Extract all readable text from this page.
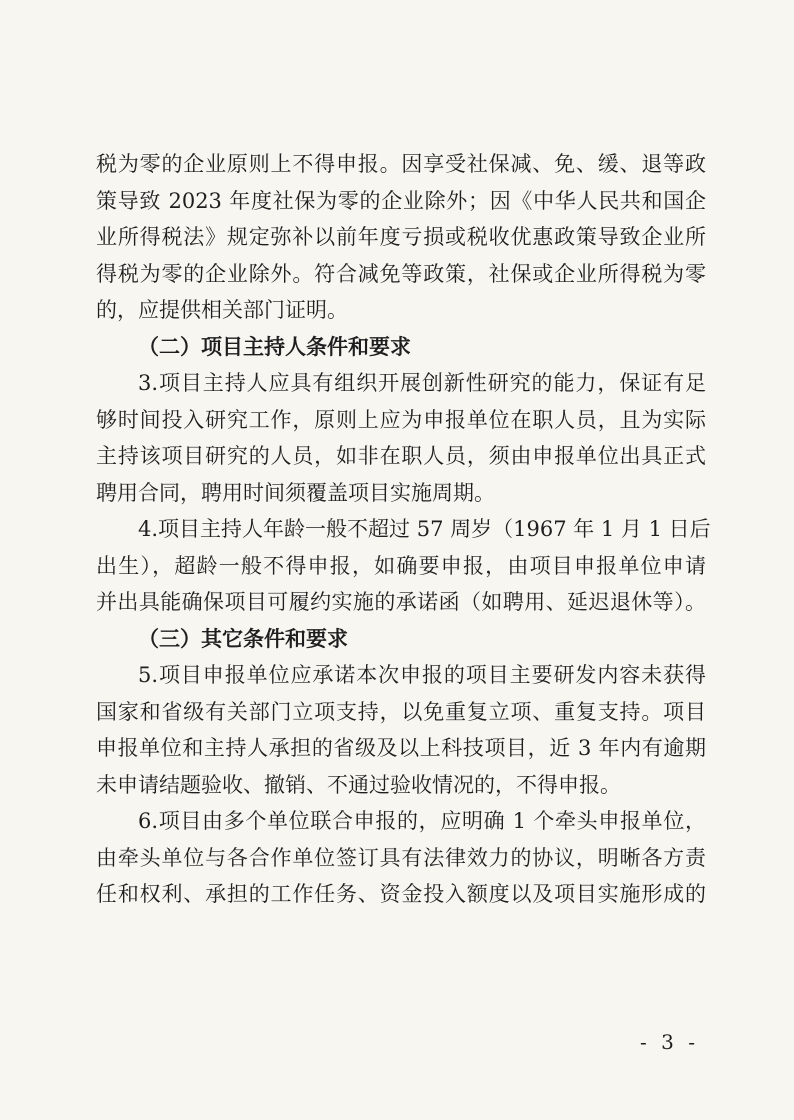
税为零的企业原则上不得申报。因享受社保减、免、缓、退等政
策导致 2023 年度社保为零的企业除外；因《中华人民共和国企
业所得税法》规定弥补以前年度亏损或税收优惠政策导致企业所
得税为零的企业除外。符合减免等政策，社保或企业所得税为零
的，应提供相关部门证明。
（二）项目主持人条件和要求
3.项目主持人应具有组织开展创新性研究的能力，保证有足
够时间投入研究工作，原则上应为申报单位在职人员，且为实际
主持该项目研究的人员，如非在职人员，须由申报单位出具正式
聘用合同，聘用时间须覆盖项目实施周期。
4.项目主持人年龄一般不超过 57 周岁（1967 年 1 月 1 日后
出生），超龄一般不得申报，如确要申报，由项目申报单位申请
并出具能确保项目可履约实施的承诺函（如聘用、延迟退休等）。
（三）其它条件和要求
5.项目申报单位应承诺本次申报的项目主要研发内容未获得
国家和省级有关部门立项支持，以免重复立项、重复支持。项目
申报单位和主持人承担的省级及以上科技项目，近 3 年内有逾期
未申请结题验收、撤销、不通过验收情况的，不得申报。
6.项目由多个单位联合申报的，应明确 1 个牵头申报单位，
由牵头单位与各合作单位签订具有法律效力的协议，明晰各方责
任和权利、承担的工作任务、资金投入额度以及项目实施形成的
- 3 -
